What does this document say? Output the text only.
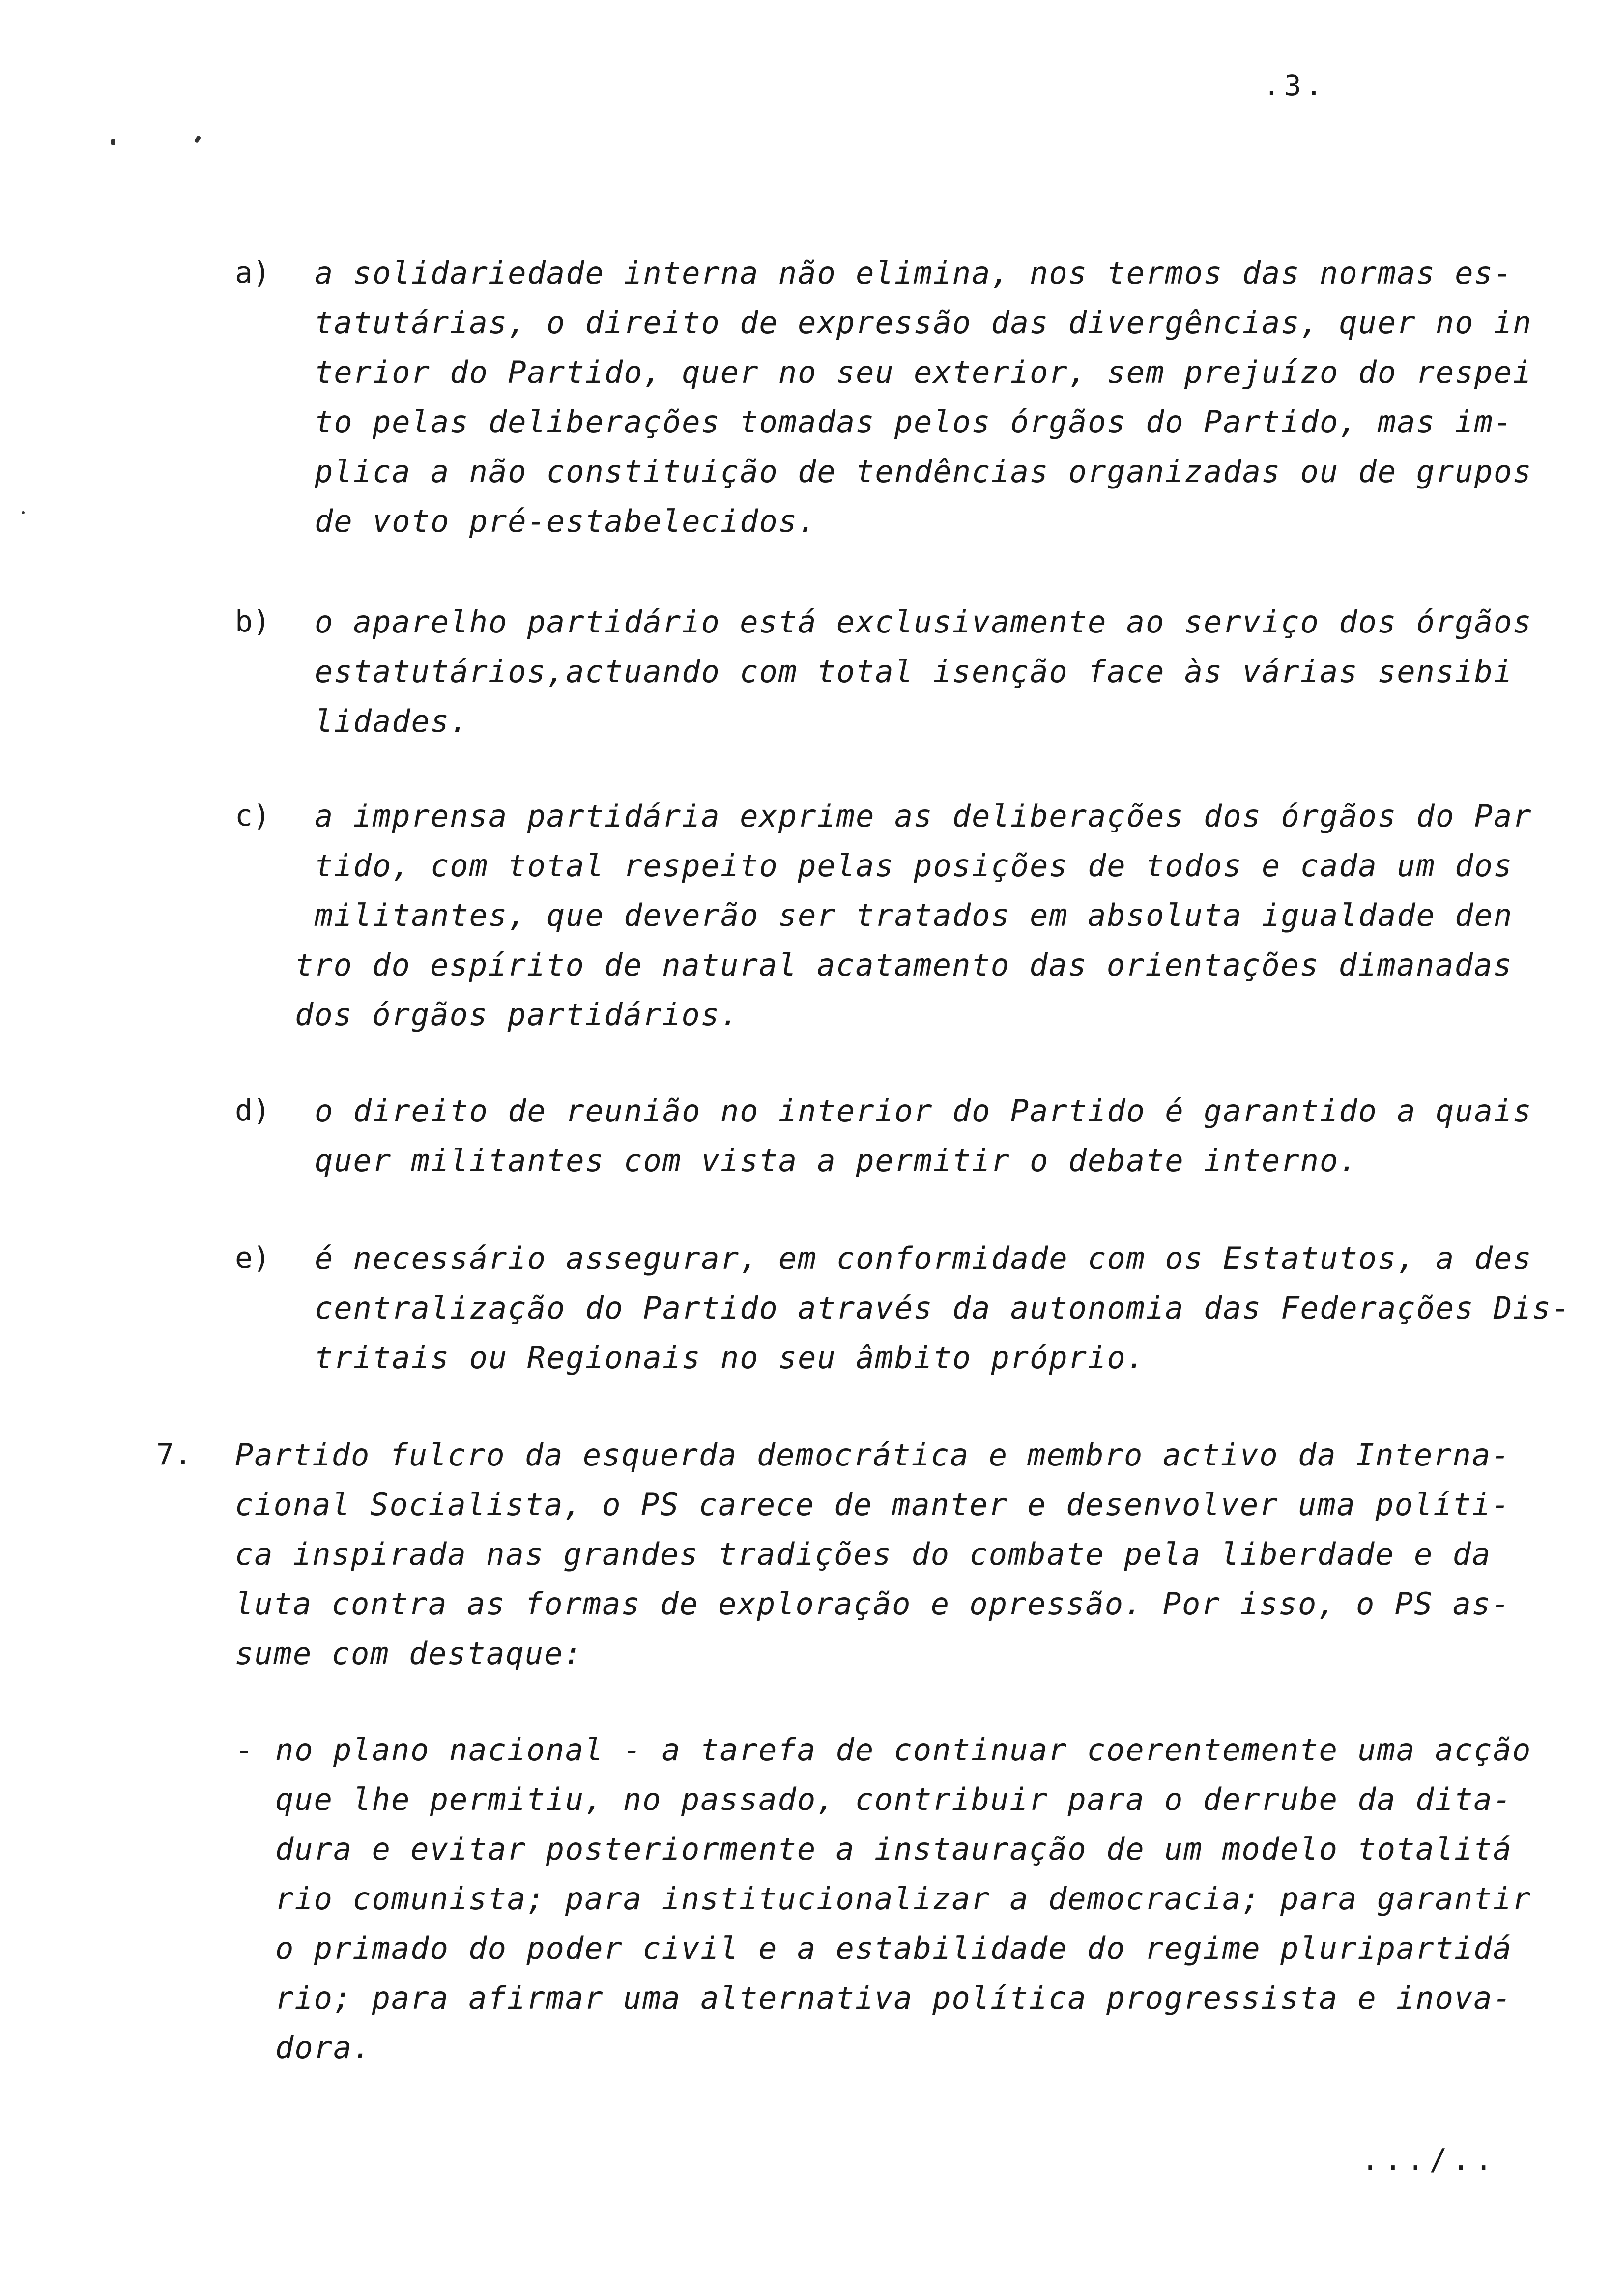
.3.
a) a solidariedade interna não elimina, nos termos das normas es-
tatutárias, o direito de expressão das divergências, quer no in
terior do Partido, quer no seu exterior, sem prejuízo do respei
to pelas deliberações tomadas pelos órgãos do Partido, mas im-
plica a não constituição de tendências organizadas ou de grupos
de voto pré-estabelecidos.
b) o aparelho partidário está exclusivamente ao serviço dos órgãos
estatutários,actuando com total isenção face às várias sensibi
lidades.
c) a imprensa partidária exprime as deliberações dos órgãos do Par
tido, com total respeito pelas posições de todos e cada um dos
militantes, que deverão ser tratados em absoluta igualdade den
tro do espírito de natural acatamento das orientações dimanadas
dos órgãos partidários.
d) o direito de reunião no interior do Partido é garantido a quais
quer militantes com vista a permitir o debate interno.
e) é necessário assegurar, em conformidade com os Estatutos, a des
centralização do Partido através da autonomia das Federações Dis-
tritais ou Regionais no seu âmbito próprio.
7. Partido fulcro da esquerda democrática e membro activo da Interna-
cional Socialista, o PS carece de manter e desenvolver uma políti-
ca inspirada nas grandes tradições do combate pela liberdade e da
luta contra as formas de exploração e opressão. Por isso, o PS as-
sume com destaque:
- no plano nacional - a tarefa de continuar coerentemente uma acção
que lhe permitiu, no passado, contribuir para o derrube da dita-
dura e evitar posteriormente a instauração de um modelo totalitá
rio comunista; para institucionalizar a democracia; para garantir
o primado do poder civil e a estabilidade do regime pluripartidá
rio; para afirmar uma alternativa política progressista e inova-
dora.
.../..
